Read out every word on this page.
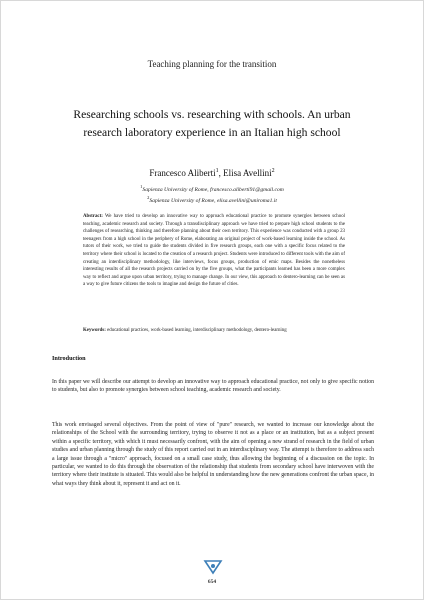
Teaching planning for the transition
Researching schools vs. researching with schools. An urban research laboratory experience in an Italian high school
Francesco Aliberti$^1$, Elisa Avellini$^2$
$^1$Sapienza University of Rome, francesco.aliberti91@gmail.com
$^2$Sapienza University of Rome, elisa.avellini@uniroma1.it
Abstract: We have tried to develop an innovative way to approach educational practice to promote synergies between school teaching, academic research and society. Through a transdisciplinary approach we have tried to prepare high school students to the challenges of researching, thinking and therefore planning about their own territory. This experience was conducted with a group 23 teenagers from a high school in the periphery of Rome, elaborating an original project of work-based learning inside the school. As tutors of their work, we tried to guide the students divided in five research groups, each one with a specific focus related to the territory where their school is located to the creation of a research project. Students were introduced to different tools with the aim of creating an interdisciplinary methodology, like interviews, focus groups, production of emic maps. Besides the nonetheless interesting results of all the research projects carried on by the five groups, what the participants learned has been a more complex way to reflect and argue upon urban territory, trying to manage change. In our view, this approach to dentero-learning can be seen as a way to give future citizens the tools to imagine and design the future of cities.
Keywords: educational practices, work-based learning, interdisciplinary methodology, dentero-learning
Introduction

In this paper we will describe our attempt to develop an innovative way to approach educational practice, not only to give specific notion to students, but also to promote synergies between school teaching, academic research and society.

This work envisaged several objectives. From the point of view of "pure" research, we wanted to increase our knowledge about the relationships of the School with the surrounding territory, trying to observe it not as a place or an institution, but as a subject present within a specific territory, with which it must necessarily confront, with the aim of opening a new strand of research in the field of urban studies and urban planning through the study of this report carried out in an interdisciplinary way. The attempt is therefore to address such a large issue through a "micro" approach, focused on a small case study, thus allowing the beginning of a discussion on the topic. In particular, we wanted to do this through the observation of the relationship that students from secondary school have interwoven with the territory where their institute is situated. This would also be helpful in understanding how the new generations confront the urban space, in what ways they think about it, represent it and act on it.

654
